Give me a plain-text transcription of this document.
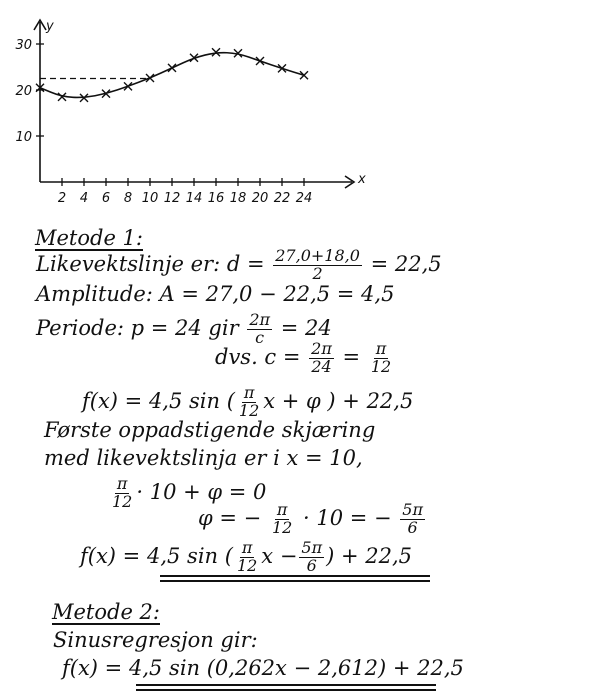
x
y
2 4 6 8 10 12 14 16 18 20 22 24
10
20
30
Metode 1:
Likevektslinje er: $d = \frac{27,0+18,0}{2} = 22,5$
Amplitude: A = 27,0 − 22,5 = 4,5
Periode: p = 24 gir $\frac{2\pi}{c} = 24$
dvs. $c = \frac{2\pi}{24} = \frac{\pi}{12}$
f(x) = 4,5 sin ( $\frac{\pi}{12}$ x + φ ) + 22,5
Første oppadstigende skjæring
med likevektslinja er i x = 10,
$\frac{\pi}{12} \cdot 10 + \varphi = 0$
φ = − $\frac{\pi}{12} \cdot 10$ = − $\frac{5\pi}{6}$
f(x) = 4,5 sin ( $\frac{\pi}{12}$ $x - \frac{5\pi}{6}$ ) + 22,5
Metode 2:
Sinusregresjon gir:
f(x) = 4,5 sin (0,262x − 2,612) + 22,5
